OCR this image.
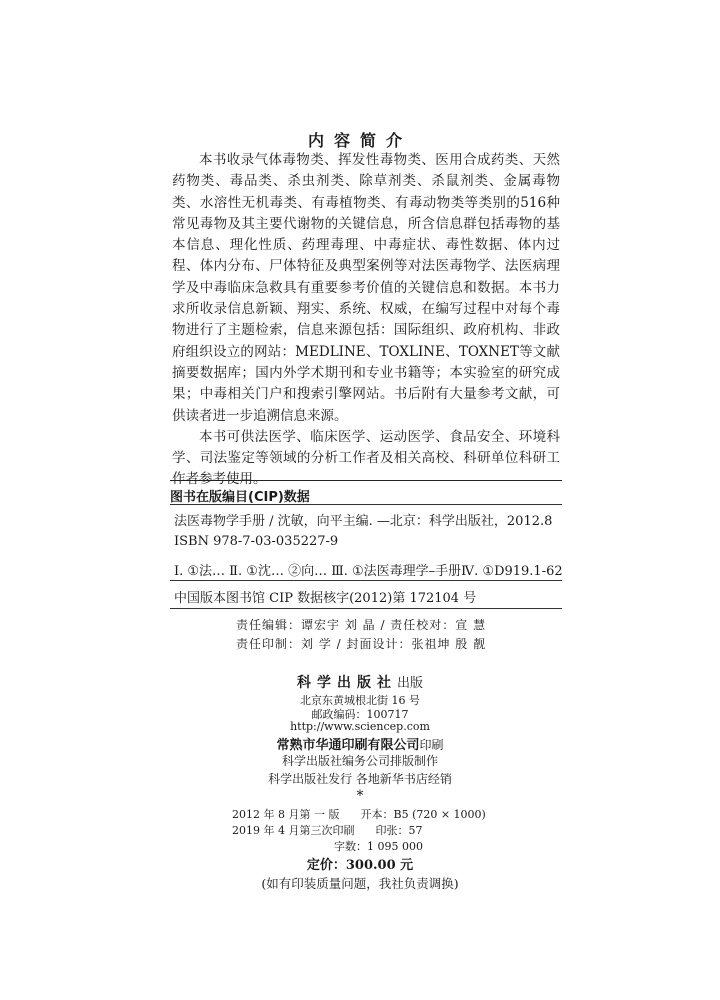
内容简介

本书收录气体毒物类、挥发性毒物类、医用合成药类、天然药物类、毒品类、杀虫剂类、除草剂类、杀鼠剂类、金属毒物类、水溶性无机毒类、有毒植物类、有毒动物类等类别的516种常见毒物及其主要代谢物的关键信息，所含信息群包括毒物的基本信息、理化性质、药理毒理、中毒症状、毒性数据、体内过程、体内分布、尸体特征及典型案例等对法医毒物学、法医病理学及中毒临床急救具有重要参考价值的关键信息和数据。本书力求所收录信息新颖、翔实、系统、权威，在编写过程中对每个毒物进行了主题检索，信息来源包括：国际组织、政府机构、非政府组织设立的网站：MEDLINE、TOXLINE、TOXNET等文献摘要数据库；国内外学术期刊和专业书籍等；本实验室的研究成果；中毒相关门户和搜索引擎网站。书后附有大量参考文献，可供读者进一步追溯信息来源。

本书可供法医学、临床医学、运动医学、食品安全、环境科学、司法鉴定等领域的分析工作者及相关高校、科研单位科研工作者参考使用。

图书在版编目(CIP)数据
法医毒物学手册 / 沈敏，向平主编. —北京：科学出版社，2012.8
ISBN 978-7-03-035227-9
Ⅰ. ①法… Ⅱ. ①沈… ②向… Ⅲ. ①法医毒理学–手册Ⅳ. ①D919.1-62
中国版本图书馆 CIP 数据核字(2012)第 172104 号
责任编辑：谭宏宇 刘 晶 / 责任校对：宣 慧
责任印制：刘 学 / 封面设计：张祖坤 殷 靓
科学出版社出版
北京东黄城根北街 16 号
邮政编码：100717
http://www.sciencep.com
常熟市华通印刷有限公司印刷
科学出版社编务公司排版制作
科学出版社发行 各地新华书店经销
*
2012 年 8 月第 一 版 开本：B5 (720 × 1000)
2019 年 4 月第三次印刷 印张：57
字数：1 095 000
定价：300.00 元
(如有印装质量问题，我社负责调换)
